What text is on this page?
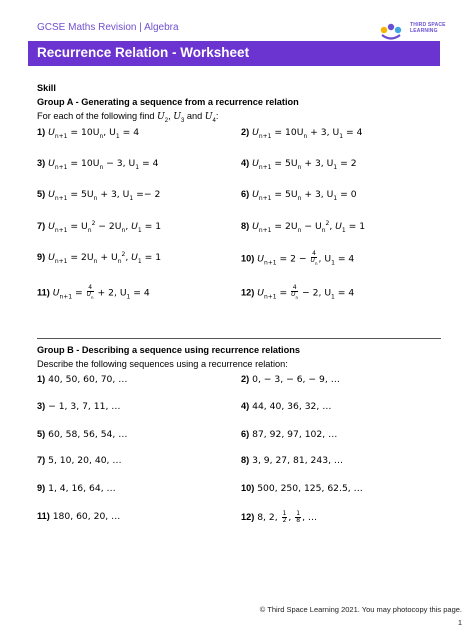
GCSE Maths Revision | Algebra	THIRD SPACE
LEARNING
Recurrence Relation - Worksheet
Skill
Group A - Generating a sequence from a recurrence relation
For each of the following find $U_2$, $U_3$ and $U_4$:
1) $U_{n+1} = 10U_n$, $U_1 = 4$
3) $U_{n+1} = 10U_n - 3$, $U_1 = 4$
5) $U_{n+1} = 5U_n + 3$, $U_1 =- 2$
7) $U_{n+1} = U_n^2 - 2U_n$, $U_1 = 1$
9) $U_{n+1} = 2U_n + U_n^2$, $U_1 = 1$
11) $U_{n+1} = \frac{4}{U_n} + 2$, $U_1 = 4$
2) $U_{n+1} = 10U_n + 3$, $U_1 = 4$
4) $U_{n+1} = 5U_n + 3$, $U_1 = 2$
6) $U_{n+1} = 5U_n + 3$, $U_1 = 0$
8) $U_{n+1} = 2U_n - U_n^2$, $U_1 = 1$
10) $U_{n+1} = 2 - \frac{4}{U_n}$ , $U_1 = 4$
12) $U_{n+1} = \frac{4}{U_n} - 2$, $U_1 = 4$
Group B - Describing a sequence using recurrence relations
Describe the following sequences using a recurrence relation:
1) 40, 50, 60, 70, …
3) − 1, 3, 7, 11, …
5) 60, 58, 56, 54, …
7) 5, 10, 20, 40, …
9) 1, 4, 16, 64, …
11) 180, 60, 20, …
2) 0, − 3, − 6, − 9, …
4) 44, 40, 36, 32, …
6) 87, 92, 97, 102, …
8) 3, 9, 27, 81, 243, …
10) 500, 250, 125, 62.5, …
12) 8, 2, $\frac{1}{2}$ , $\frac{1}{8}$ , …
© Third Space Learning 2021. You may photocopy this page.
1
